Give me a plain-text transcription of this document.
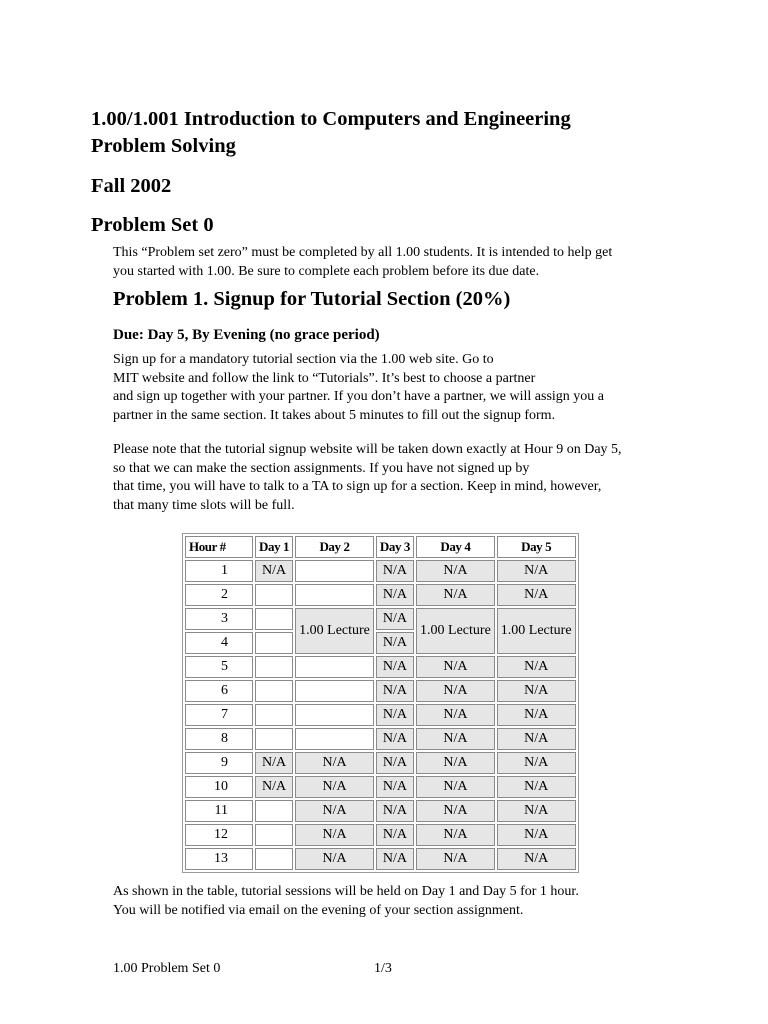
1.00/1.001 Introduction to Computers and Engineering
Problem Solving
Fall 2002
Problem Set 0

This “Problem set zero” must be completed by all 1.00 students. It is intended to help get
you started with 1.00. Be sure to complete each problem before its due date.

Problem 1. Signup for Tutorial Section (20%)
Due: Day 5, By Evening (no grace period)

Sign up for a mandatory tutorial section via the 1.00 web site. Go to
MIT website and follow the link to “Tutorials”. It’s best to choose a partner
and sign up together with your partner. If you don’t have a partner, we will assign you a
partner in the same section. It takes about 5 minutes to fill out the signup form.

Please note that the tutorial signup website will be taken down exactly at Hour 9 on Day 5,
so that we can make the section assignments. If you have not signed up by
that time, you will have to talk to a TA to sign up for a section. Keep in mind, however,
that many time slots will be full.

Hour #	Day 1	Day 2	Day 3	Day 4	Day 5
1	N/A		N/A	N/A	N/A
2			N/A	N/A	N/A
3		1.00 Lecture	N/A	1.00 Lecture	1.00 Lecture
4			N/A		
5			N/A	N/A	N/A
6			N/A	N/A	N/A
7			N/A	N/A	N/A
8			N/A	N/A	N/A
9	N/A	N/A	N/A	N/A	N/A
10	N/A	N/A	N/A	N/A	N/A
11		N/A	N/A	N/A	N/A
12		N/A	N/A	N/A	N/A
13		N/A	N/A	N/A	N/A

As shown in the table, tutorial sessions will be held on Day 1 and Day 5 for 1 hour.
You will be notified via email on the evening of your section assignment.

1.00 Problem Set 0	1/3
